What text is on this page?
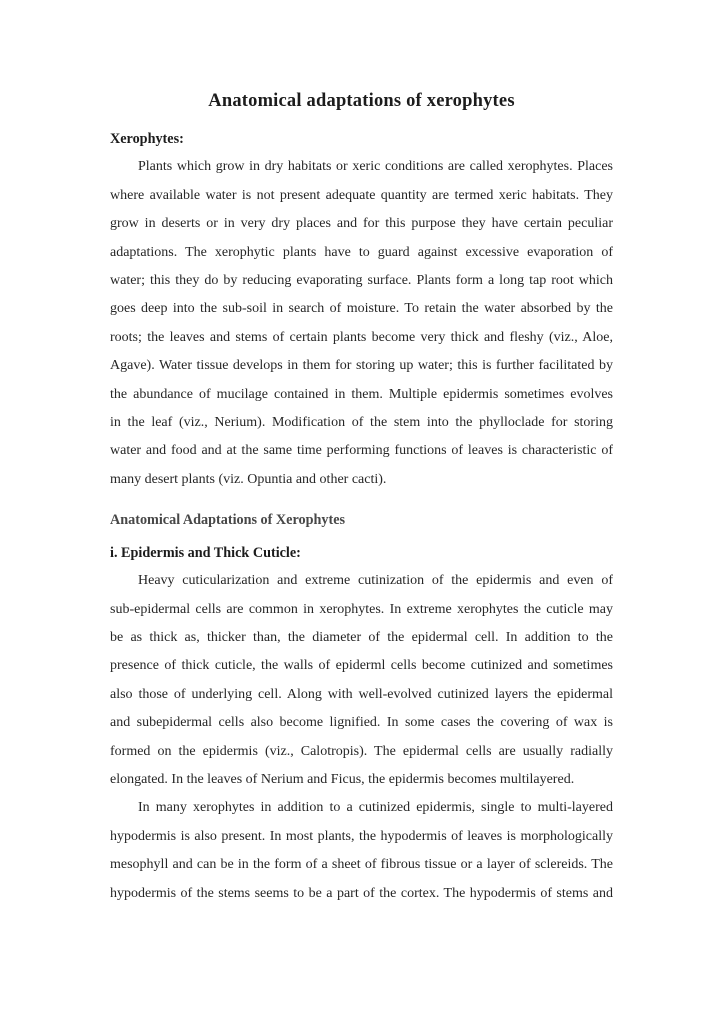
Anatomical adaptations of xerophytes
Xerophytes:
Plants which grow in dry habitats or xeric conditions are called xerophytes. Places
where available water is not present adequate quantity are termed xeric habitats. They
grow in deserts or in very dry places and for this purpose they have certain peculiar
adaptations. The xerophytic plants have to guard against excessive evaporation of
water; this they do by reducing evaporating surface. Plants form a long tap root which
goes deep into the sub-soil in search of moisture. To retain the water absorbed by the
roots; the leaves and stems of certain plants become very thick and fleshy (viz., Aloe,
Agave). Water tissue develops in them for storing up water; this is further facilitated by
the abundance of mucilage contained in them. Multiple epidermis sometimes evolves
in the leaf (viz., Nerium). Modification of the stem into the phylloclade for storing
water and food and at the same time performing functions of leaves is characteristic of
many desert plants (viz. Opuntia and other cacti).
Anatomical Adaptations of Xerophytes
i. Epidermis and Thick Cuticle:
Heavy cuticularization and extreme cutinization of the epidermis and even of
sub-epidermal cells are common in xerophytes. In extreme xerophytes the cuticle may
be as thick as, thicker than, the diameter of the epidermal cell. In addition to the
presence of thick cuticle, the walls of epiderml cells become cutinized and sometimes
also those of underlying cell. Along with well-evolved cutinized layers the epidermal
and subepidermal cells also become lignified. In some cases the covering of wax is
formed on the epidermis (viz., Calotropis). The epidermal cells are usually radially
elongated. In the leaves of Nerium and Ficus, the epidermis becomes multilayered.
In many xerophytes in addition to a cutinized epidermis, single to multi-layered
hypodermis is also present. In most plants, the hypodermis of leaves is morphologically
mesophyll and can be in the form of a sheet of fibrous tissue or a layer of sclereids. The
hypodermis of the stems seems to be a part of the cortex. The hypodermis of stems and
